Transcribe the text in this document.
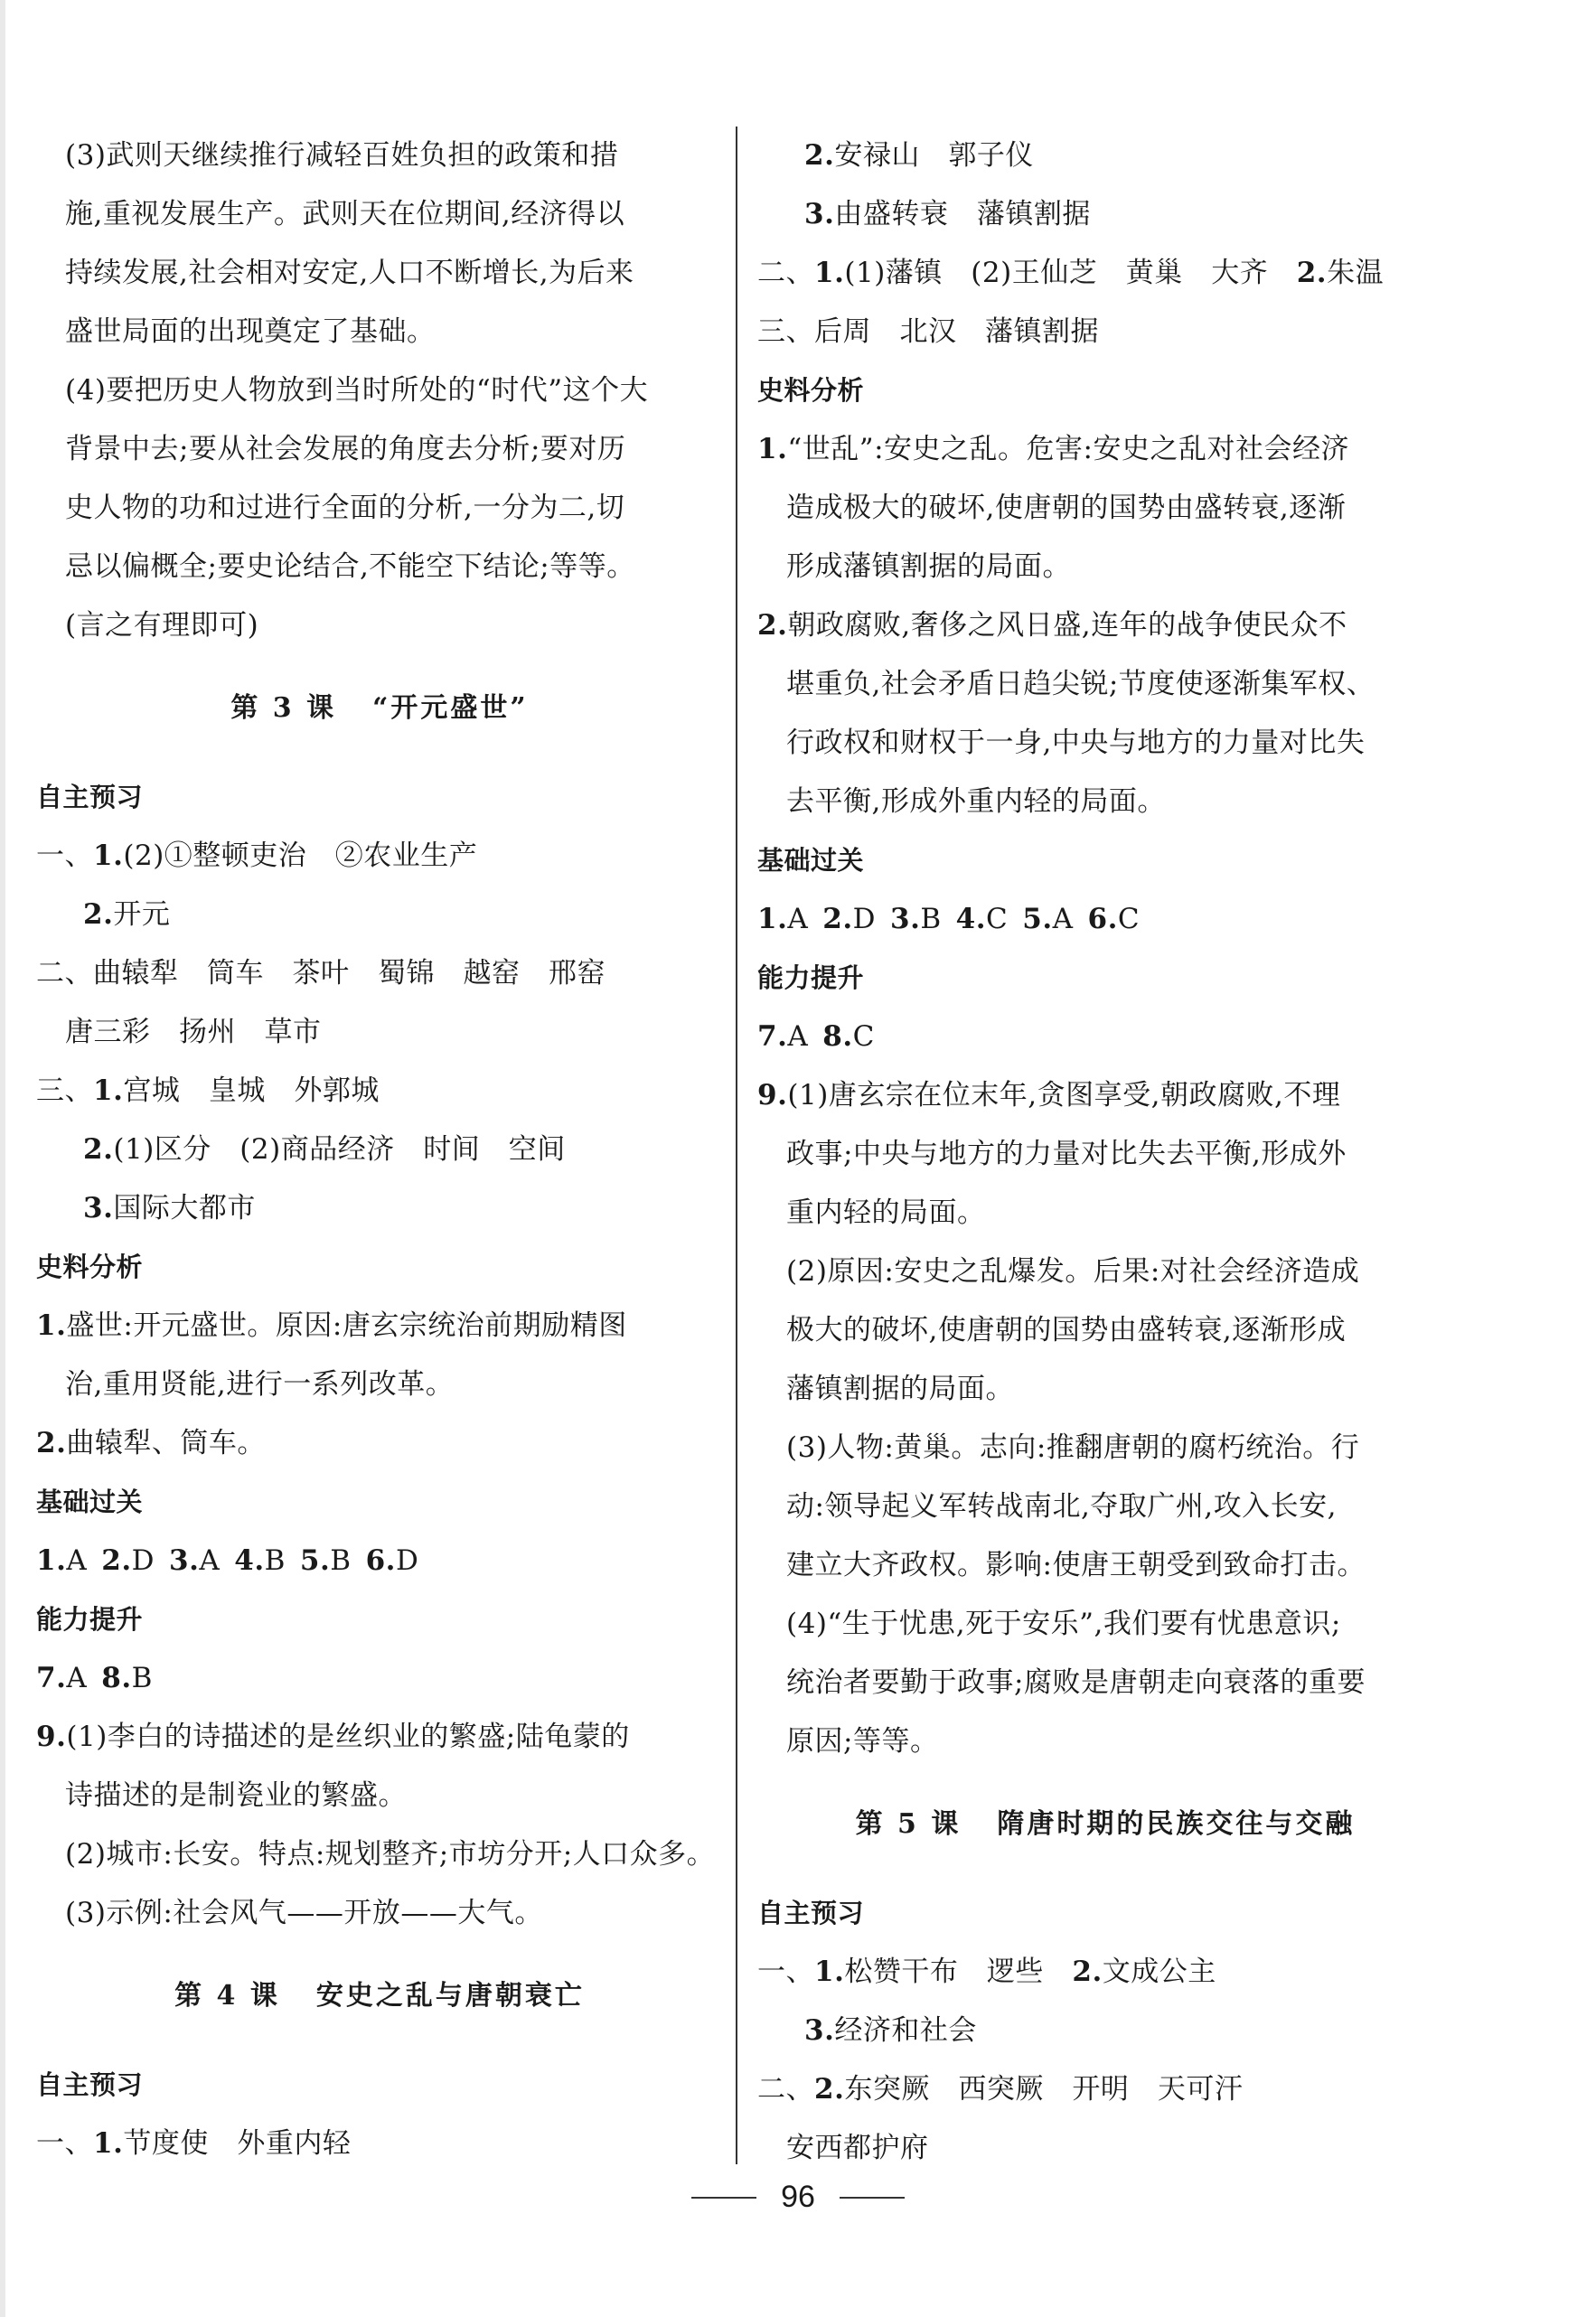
(3)武则天继续推行减轻百姓负担的政策和措

施,重视发展生产。武则天在位期间,经济得以

持续发展,社会相对安定,人口不断增长,为后来

盛世局面的出现奠定了基础。

(4)要把历史人物放到当时所处的“时代”这个大

背景中去;要从社会发展的角度去分析;要对历

史人物的功和过进行全面的分析,一分为二,切

忌以偏概全;要史论结合,不能空下结论;等等。

(言之有理即可)

第 3 课 “开元盛世”

自主预习

一、1.(2)①整顿吏治　②农业生产

2.开元

二、曲辕犁　筒车　茶叶　蜀锦　越窑　邢窑

唐三彩　扬州　草市

三、1.宫城　皇城　外郭城

2.(1)区分　(2)商品经济　时间　空间

3.国际大都市

史料分析

1.盛世:开元盛世。原因:唐玄宗统治前期励精图

治,重用贤能,进行一系列改革。

2.曲辕犁、筒车。

基础过关

1.A  2.D  3.A  4.B  5.B  6.D

能力提升

7.A  8.B

9.(1)李白的诗描述的是丝织业的繁盛;陆龟蒙的

诗描述的是制瓷业的繁盛。

(2)城市:长安。特点:规划整齐;市坊分开;人口众多。

(3)示例:社会风气——开放——大气。

第 4 课 安史之乱与唐朝衰亡

自主预习

一、1.节度使　外重内轻

2.安禄山　郭子仪

3.由盛转衰　藩镇割据

二、1.(1)藩镇　(2)王仙芝　黄巢　大齐　2.朱温

三、后周　北汉　藩镇割据

史料分析

1.“世乱”:安史之乱。危害:安史之乱对社会经济

造成极大的破坏,使唐朝的国势由盛转衰,逐渐

形成藩镇割据的局面。

2.朝政腐败,奢侈之风日盛,连年的战争使民众不

堪重负,社会矛盾日趋尖锐;节度使逐渐集军权、

行政权和财权于一身,中央与地方的力量对比失

去平衡,形成外重内轻的局面。

基础过关

1.A  2.D  3.B  4.C  5.A  6.C

能力提升

7.A  8.C

9.(1)唐玄宗在位末年,贪图享受,朝政腐败,不理

政事;中央与地方的力量对比失去平衡,形成外

重内轻的局面。

(2)原因:安史之乱爆发。后果:对社会经济造成

极大的破坏,使唐朝的国势由盛转衰,逐渐形成

藩镇割据的局面。

(3)人物:黄巢。志向:推翻唐朝的腐朽统治。行

动:领导起义军转战南北,夺取广州,攻入长安,

建立大齐政权。影响:使唐王朝受到致命打击。

(4)“生于忧患,死于安乐”,我们要有忧患意识;

统治者要勤于政事;腐败是唐朝走向衰落的重要

原因;等等。

第 5 课 隋唐时期的民族交往与交融

自主预习

一、1.松赞干布　逻些　2.文成公主

3.经济和社会

二、2.东突厥　西突厥　开明　天可汗

安西都护府

96
